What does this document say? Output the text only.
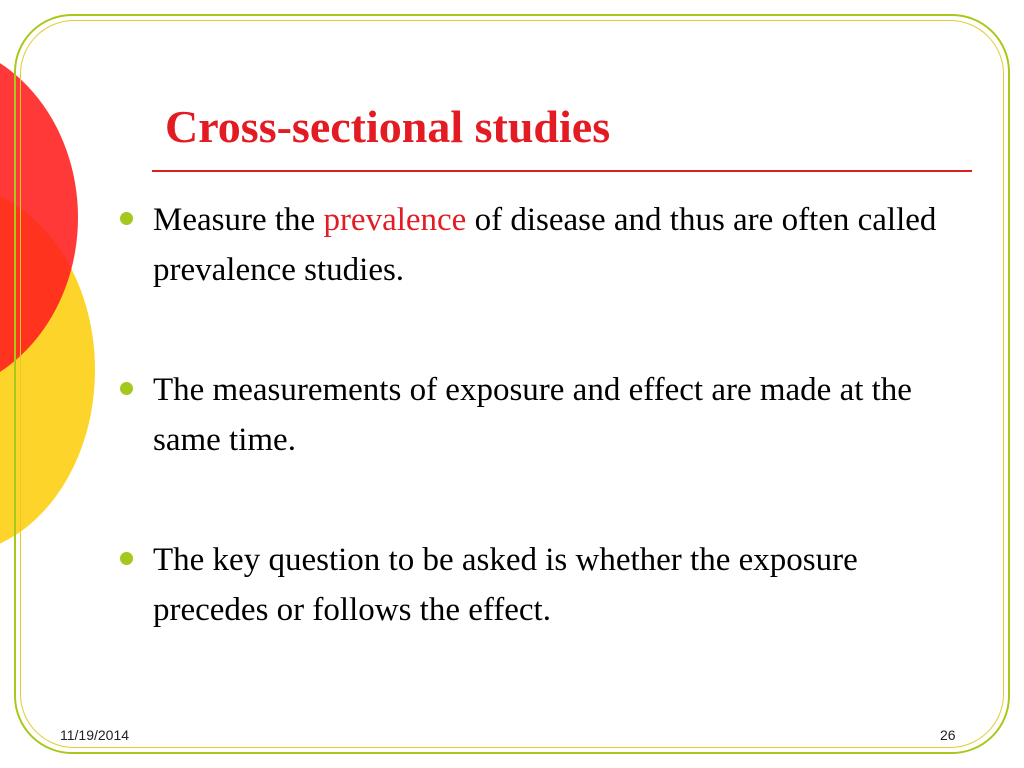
Cross-sectional studies
Measure the prevalence of disease and thus are often called prevalence studies.
The measurements of exposure and effect are made at the same time.
The key question to be asked is whether the exposure precedes or follows the effect.
11/19/2014	26
